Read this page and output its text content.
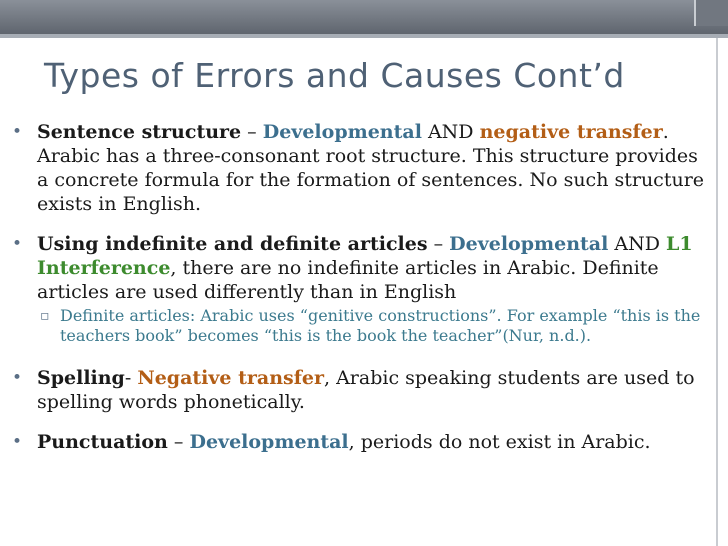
Types of Errors and Causes Cont’d
• Sentence structure – Developmental AND negative transfer. Arabic has a three-consonant root structure. This structure provides a concrete formula for the formation of sentences. No such structure exists in English.
• Using indefinite and definite articles – Developmental AND L1 Interference, there are no indefinite articles in Arabic. Definite articles are used differently than in English
▫ Definite articles: Arabic uses “genitive constructions”. For example “this is the teachers book” becomes “this is the book the teacher”(Nur, n.d.).
• Spelling- Negative transfer, Arabic speaking students are used to spelling words phonetically.
• Punctuation – Developmental, periods do not exist in Arabic.
